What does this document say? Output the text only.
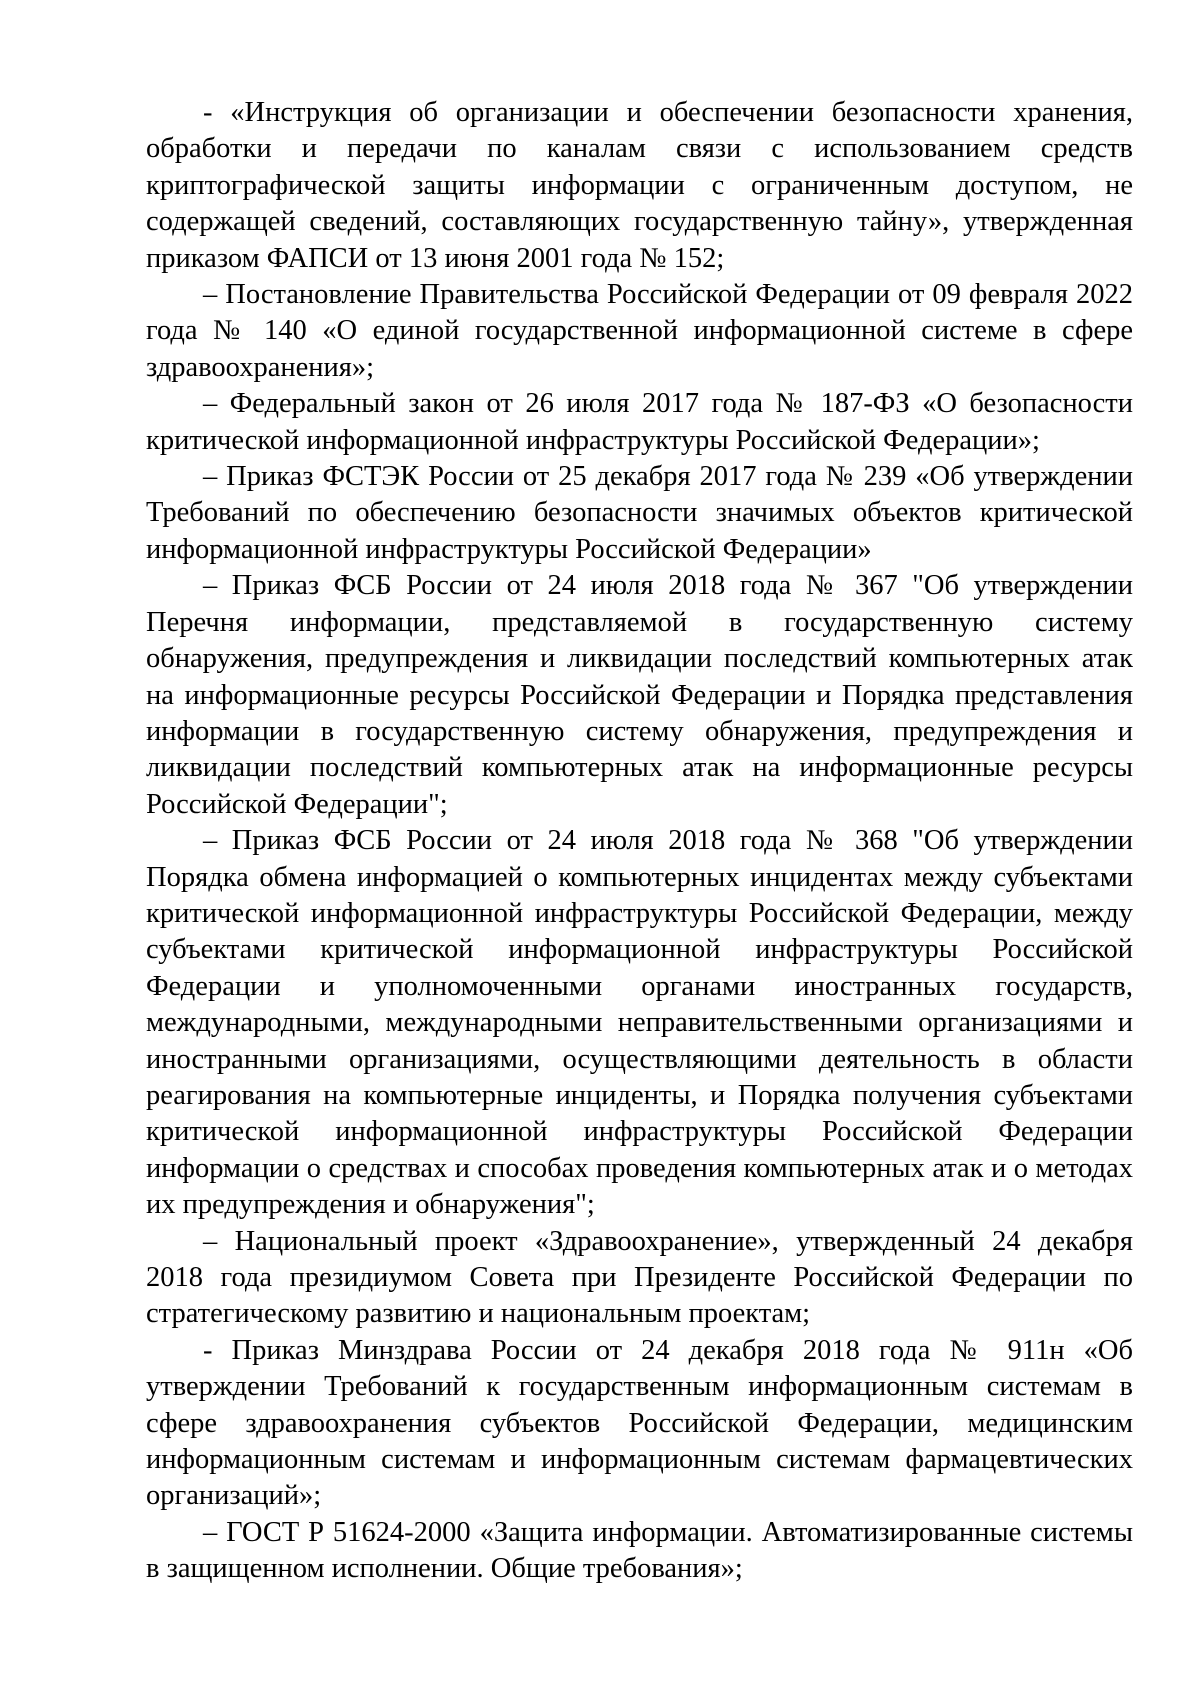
- «Инструкция об организации и обеспечении безопасности хранения, обработки и передачи по каналам связи с использованием средств криптографической защиты информации с ограниченным доступом, не содержащей сведений, составляющих государственную тайну», утвержденная приказом ФАПСИ от 13 июня 2001 года № 152;

– Постановление Правительства Российской Федерации от 09 февраля 2022 года № 140 «О единой государственной информационной системе в сфере здравоохранения»;

– Федеральный закон от 26 июля 2017 года № 187-ФЗ «О безопасности критической информационной инфраструктуры Российской Федерации»;

– Приказ ФСТЭК России от 25 декабря 2017 года № 239 «Об утверждении Требований по обеспечению безопасности значимых объектов критической информационной инфраструктуры Российской Федерации»

– Приказ ФСБ России от 24 июля 2018 года № 367 "Об утверждении Перечня информации, представляемой в государственную систему обнаружения, предупреждения и ликвидации последствий компьютерных атак на информационные ресурсы Российской Федерации и Порядка представления информации в государственную систему обнаружения, предупреждения и ликвидации последствий компьютерных атак на информационные ресурсы Российской Федерации";

– Приказ ФСБ России от 24 июля 2018 года № 368 "Об утверждении Порядка обмена информацией о компьютерных инцидентах между субъектами критической информационной инфраструктуры Российской Федерации, между субъектами критической информационной инфраструктуры Российской Федерации и уполномоченными органами иностранных государств, международными, международными неправительственными организациями и иностранными организациями, осуществляющими деятельность в области реагирования на компьютерные инциденты, и Порядка получения субъектами критической информационной инфраструктуры Российской Федерации информации о средствах и способах проведения компьютерных атак и о методах их предупреждения и обнаружения";

– Национальный проект «Здравоохранение», утвержденный 24 декабря 2018 года президиумом Совета при Президенте Российской Федерации по стратегическому развитию и национальным проектам;

- Приказ Минздрава России от 24 декабря 2018 года № 911н «Об утверждении Требований к государственным информационным системам в сфере здравоохранения субъектов Российской Федерации, медицинским информационным системам и информационным системам фармацевтических организаций»;

– ГОСТ Р 51624-2000 «Защита информации. Автоматизированные системы в защищенном исполнении. Общие требования»;
